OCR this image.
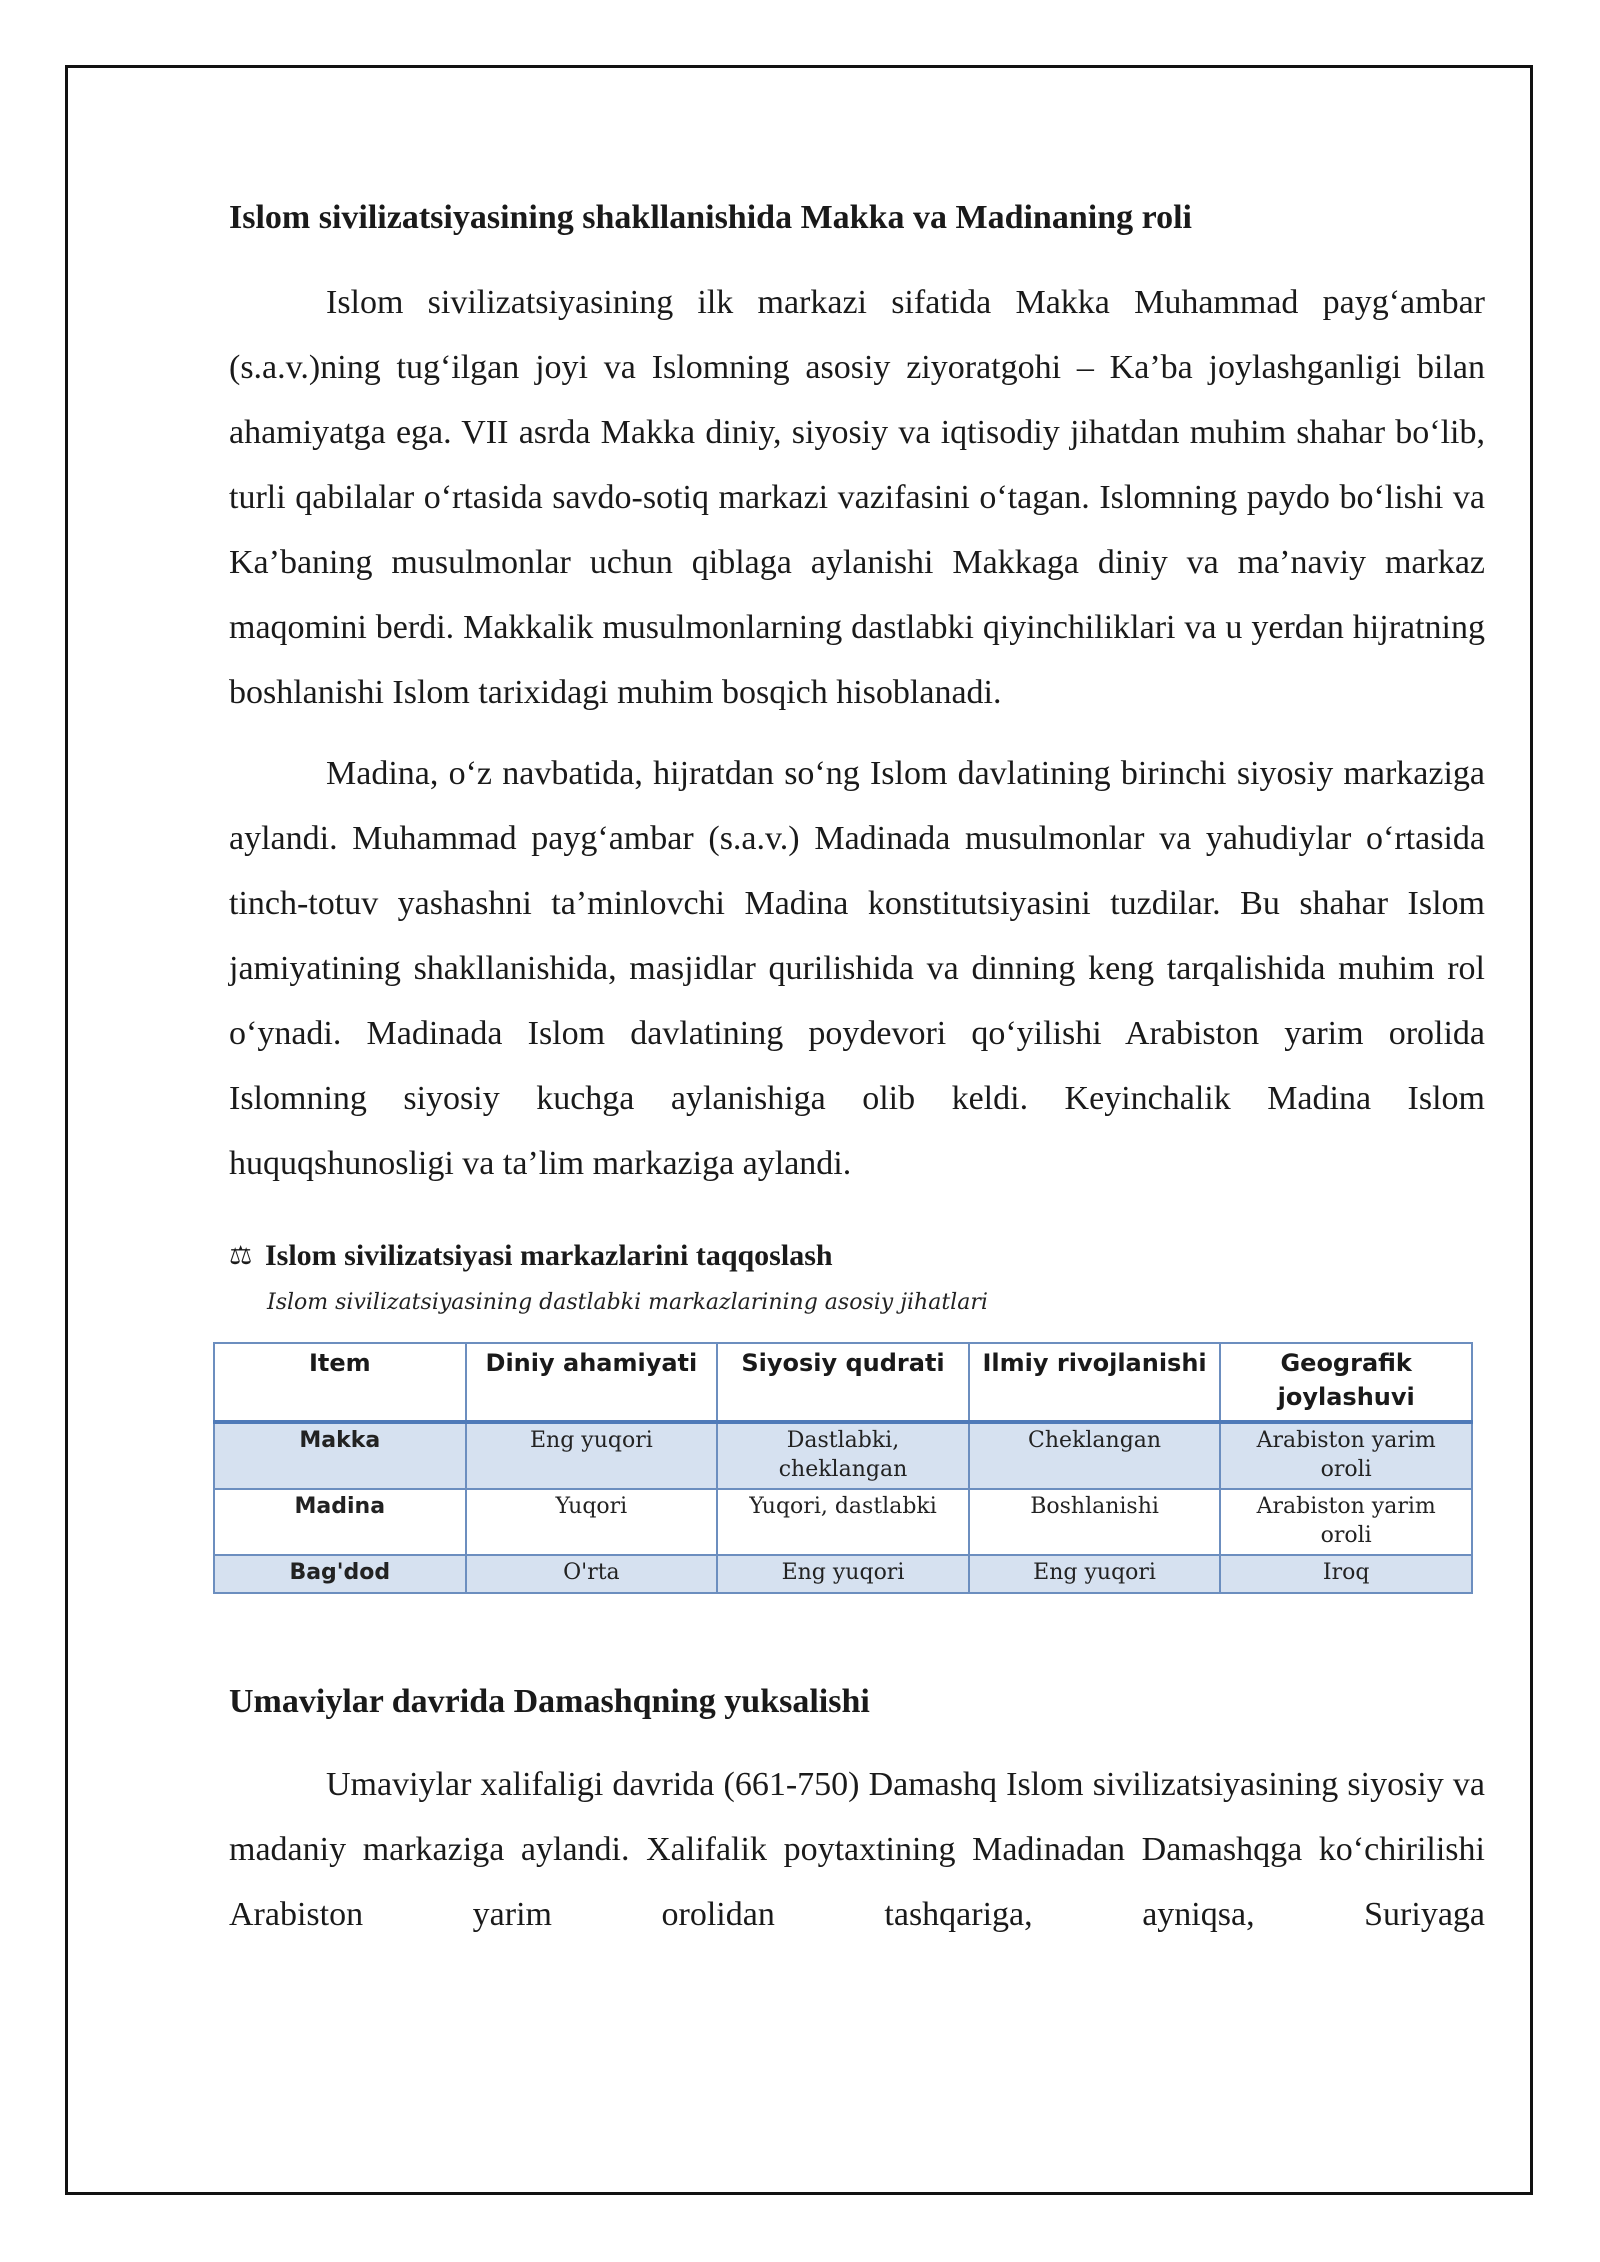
Islom sivilizatsiyasining shakllanishida Makka va Madinaning roli

Islom sivilizatsiyasining ilk markazi sifatida Makka Muhammad payg‘ambar (s.a.v.)ning tug‘ilgan joyi va Islomning asosiy ziyoratgohi – Ka’ba joylashganligi bilan ahamiyatga ega. VII asrda Makka diniy, siyosiy va iqtisodiy jihatdan muhim shahar bo‘lib, turli qabilalar o‘rtasida savdo-sotiq markazi vazifasini o‘tagan. Islomning paydo bo‘lishi va Ka’baning musulmonlar uchun qiblaga aylanishi Makkaga diniy va ma’naviy markaz maqomini berdi. Makkalik musulmonlarning dastlabki qiyinchiliklari va u yerdan hijratning boshlanishi Islom tarixidagi muhim bosqich hisoblanadi.

Madina, o‘z navbatida, hijratdan so‘ng Islom davlatining birinchi siyosiy markaziga aylandi. Muhammad payg‘ambar (s.a.v.) Madinada musulmonlar va yahudiylar o‘rtasida tinch-totuv yashashni ta’minlovchi Madina konstitutsiyasini tuzdilar. Bu shahar Islom jamiyatining shakllanishida, masjidlar qurilishida va dinning keng tarqalishida muhim rol o‘ynadi. Madinada Islom davlatining poydevori qo‘yilishi Arabiston yarim orolida Islomning siyosiy kuchga aylanishiga olib keldi. Keyinchalik Madina Islom huquqshunosligi va ta’lim markaziga aylandi.

⚖ Islom sivilizatsiyasi markazlarini taqqoslash
Islom sivilizatsiyasining dastlabki markazlarining asosiy jihatlari
Item	Diniy ahamiyati	Siyosiy qudrati	Ilmiy rivojlanishi	Geografik joylashuvi
Makka	Eng yuqori	Dastlabki, cheklangan	Cheklangan	Arabiston yarim oroli
Madina	Yuqori	Yuqori, dastlabki	Boshlanishi	Arabiston yarim oroli
Bag'dod	O'rta	Eng yuqori	Eng yuqori	Iroq
Umaviylar davrida Damashqning yuksalishi

Umaviylar xalifaligi davrida (661-750) Damashq Islom sivilizatsiyasining siyosiy va madaniy markaziga aylandi. Xalifalik poytaxtining Madinadan Damashqga ko‘chirilishi Arabiston yarim orolidan tashqariga, ayniqsa, Suriyaga
